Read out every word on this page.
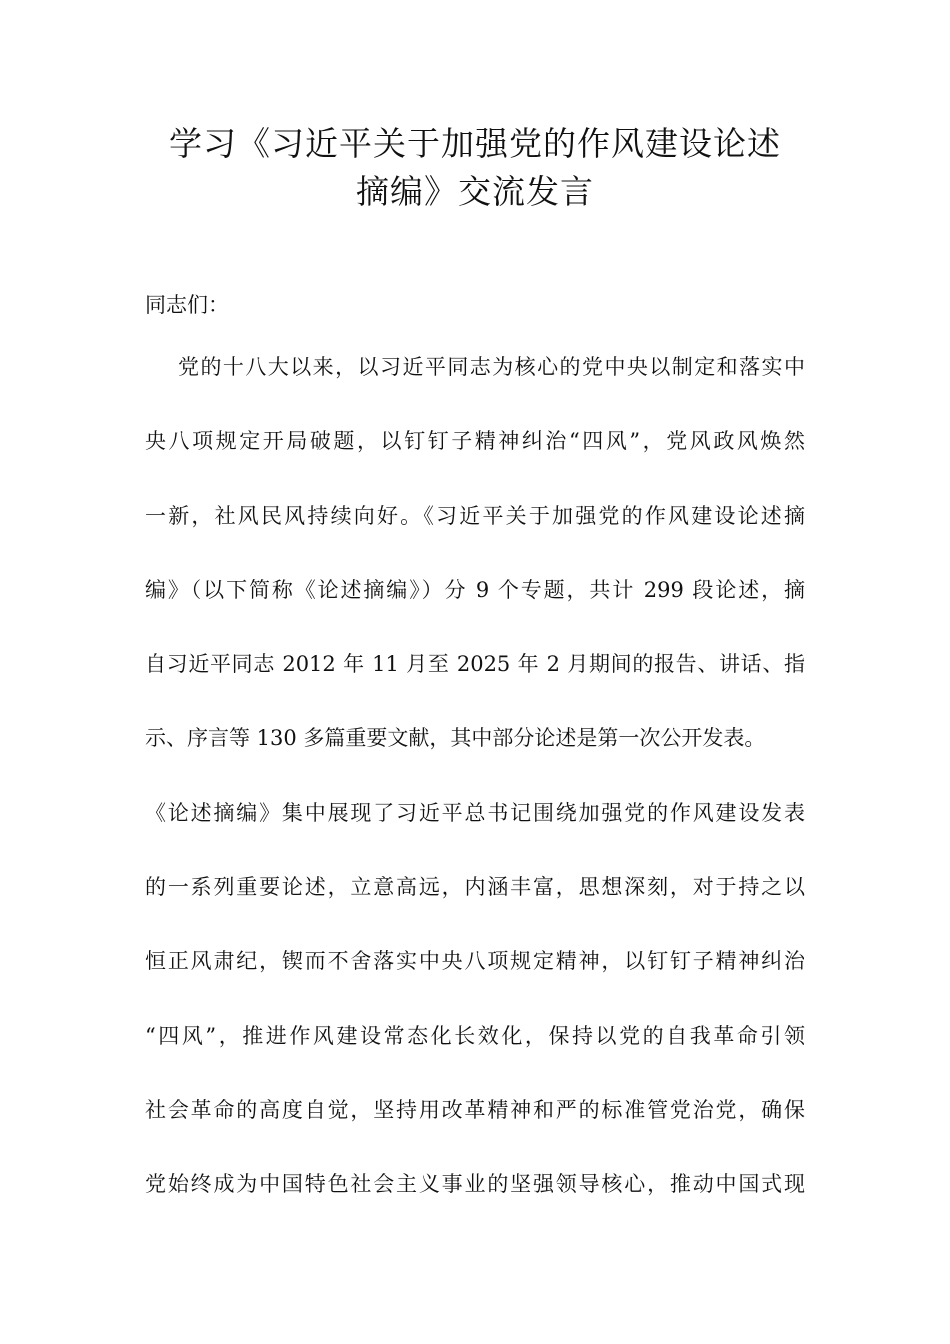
学习《习近平关于加强党的作风建设论述
摘编》交流发言
同志们：
党的十八大以来，以习近平同志为核心的党中央以制定和落实中
央八项规定开局破题，以钉钉子精神纠治“四风”，党风政风焕然
一新，社风民风持续向好。《习近平关于加强党的作风建设论述摘
编》（以下简称《论述摘编》）分 9 个专题，共计 299 段论述，摘
自习近平同志 2012 年 11 月至 2025 年 2 月期间的报告、讲话、指
示、序言等 130 多篇重要文献，其中部分论述是第一次公开发表。
《论述摘编》集中展现了习近平总书记围绕加强党的作风建设发表
的一系列重要论述，立意高远，内涵丰富，思想深刻，对于持之以
恒正风肃纪，锲而不舍落实中央八项规定精神，以钉钉子精神纠治
“四风”，推进作风建设常态化长效化，保持以党的自我革命引领
社会革命的高度自觉，坚持用改革精神和严的标准管党治党，确保
党始终成为中国特色社会主义事业的坚强领导核心，推动中国式现
